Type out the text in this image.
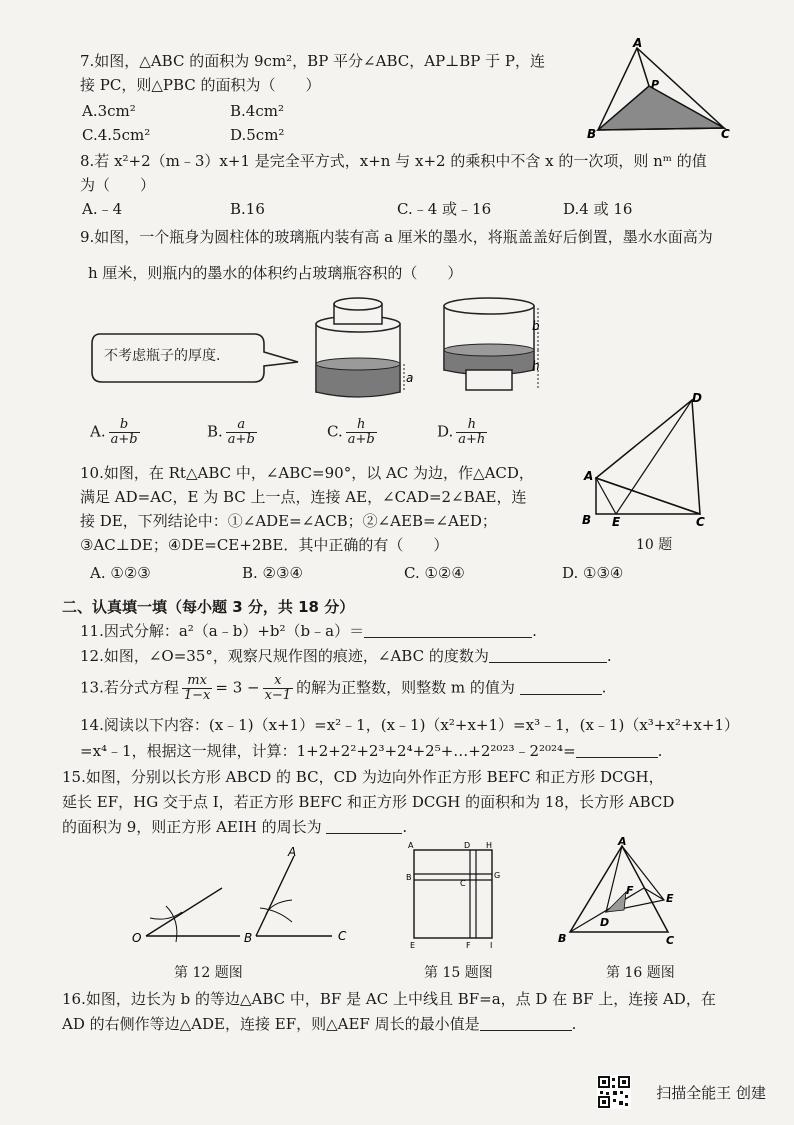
7.如图，△ABC 的面积为 9cm²，BP 平分∠ABC，AP⊥BP 于 P，连
接 PC，则△PBC 的面积为（　　）
A.3cm²	B.4cm²
C.4.5cm²	D.5cm²
A
P
B	C
8.若 x²+2（m﹣3）x+1 是完全平方式，x+n 与 x+2 的乘积中不含 x 的一次项，则 nᵐ 的值
为（　　）
A.﹣4	B.16	C.﹣4 或﹣16	D.4 或 16
9.如图，一个瓶身为圆柱体的玻璃瓶内装有高 a 厘米的墨水，将瓶盖盖好后倒置，墨水水面高为
h 厘米，则瓶内的墨水的体积约占玻璃瓶容积的（　　）
a
b
h
不考虑瓶子的厚度.
A. $\frac{b}{a+b}$	B. $\frac{a}{a+b}$	C. $\frac{h}{a+b}$	D. $\frac{h}{a+h}$
10.如图，在 Rt△ABC 中，∠ABC=90°，以 AC 为边，作△ACD，
满足 AD=AC，E 为 BC 上一点，连接 AE，∠CAD=2∠BAE，连
接 DE，下列结论中：①∠ADE=∠ACB；②∠AEB=∠AED；
③AC⊥DE；④DE=CE+2BE．其中正确的有（　　）
A
D
B E	C
10 题
A. ①②③	B. ②③④	C. ①②④	D. ①③④
二、认真填一填（每小题 3 分，共 18 分）
11.因式分解：a²（a﹣b）+b²（b﹣a）＝	.
12.如图，∠O=35°，观察尺规作图的痕迹，∠ABC 的度数为	.
13.若分式方程 $\frac{mx}{1-x} = 3 - \frac{x}{x-1}$ 的解为正整数，则整数 m 的值为	.
14.阅读以下内容：(x﹣1)（x+1）=x²﹣1，(x﹣1)（x²+x+1）=x³﹣1，(x﹣1)（x³+x²+x+1）
=x⁴﹣1，根据这一规律，计算：1+2+2²+2³+2⁴+2⁵+…+2²⁰²³﹣2²⁰²⁴=	.
15.如图，分别以长方形 ABCD 的 BC，CD 为边向外作正方形 BEFC 和正方形 DCGH，
延长 EF，HG 交于点 I，若正方形 BEFC 和正方形 DCGH 的面积和为 18，长方形 ABCD
的面积为 9，则正方形 AEIH 的周长为	.
O
A
B	C
第 12 题图
A	D H
B
C
G
E	F I
第 15 题图
A
F
E
D
B	C
第 16 题图
16.如图，边长为 b 的等边△ABC 中，BF 是 AC 上中线且 BF=a，点 D 在 BF 上，连接 AD，在
AD 的右侧作等边△ADE，连接 EF，则△AEF 周长的最小值是	.
扫描全能王 创建
